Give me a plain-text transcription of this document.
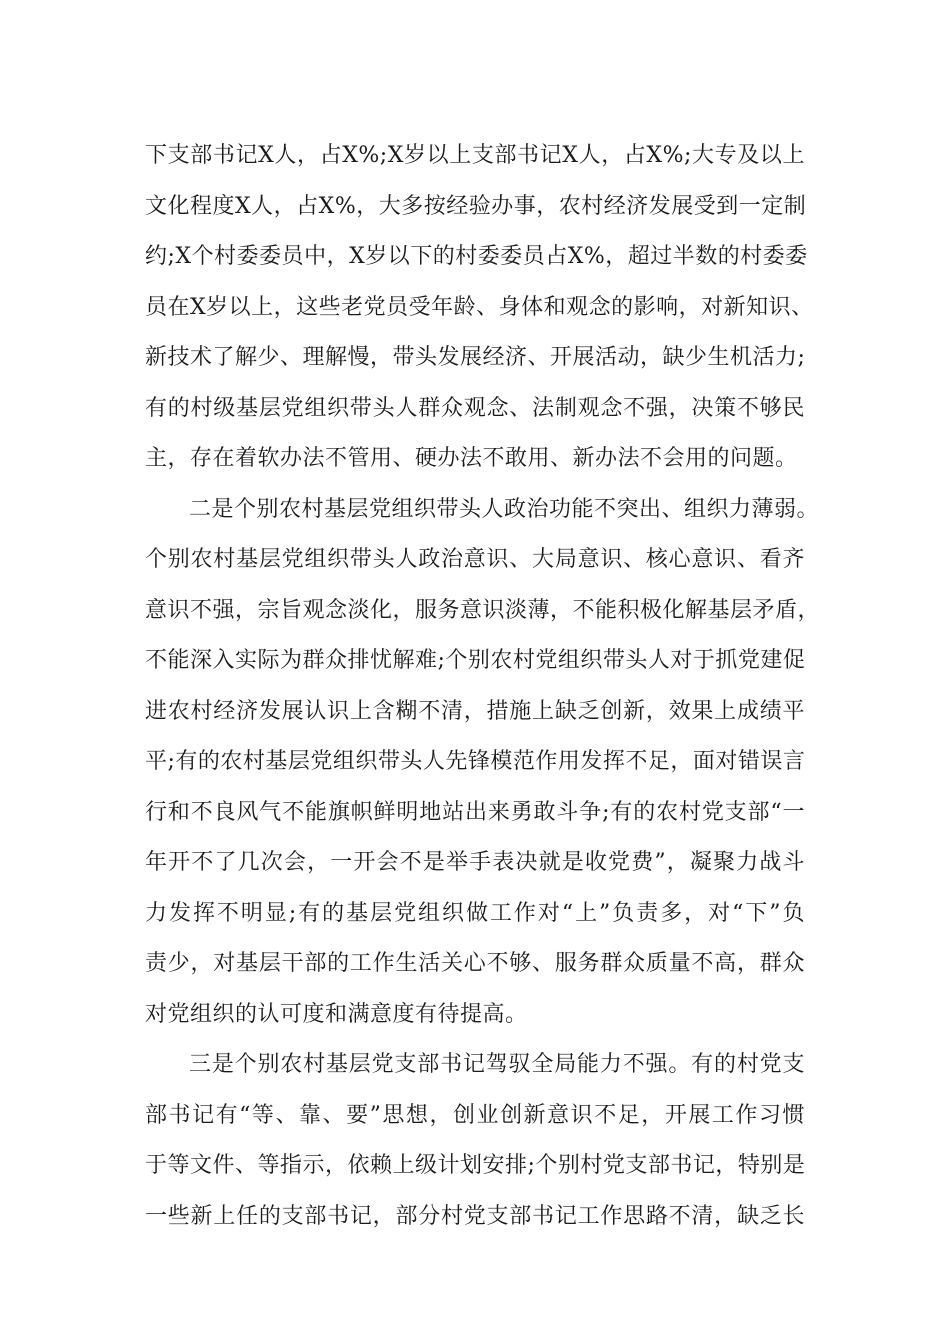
下支部书记X人，占X%;X岁以上支部书记X人，占X%;大专及以上
文化程度X人，占X%，大多按经验办事，农村经济发展受到一定制
约;X个村委委员中，X岁以下的村委委员占X%，超过半数的村委委
员在X岁以上，这些老党员受年龄、身体和观念的影响，对新知识、
新技术了解少、理解慢，带头发展经济、开展活动，缺少生机活力;
有的村级基层党组织带头人群众观念、法制观念不强，决策不够民
主，存在着软办法不管用、硬办法不敢用、新办法不会用的问题。
二是个别农村基层党组织带头人政治功能不突出、组织力薄弱。
个别农村基层党组织带头人政治意识、大局意识、核心意识、看齐
意识不强，宗旨观念淡化，服务意识淡薄，不能积极化解基层矛盾，
不能深入实际为群众排忧解难;个别农村党组织带头人对于抓党建促
进农村经济发展认识上含糊不清，措施上缺乏创新，效果上成绩平
平;有的农村基层党组织带头人先锋模范作用发挥不足，面对错误言
行和不良风气不能旗帜鲜明地站出来勇敢斗争;有的农村党支部“一
年开不了几次会，一开会不是举手表决就是收党费”，凝聚力战斗
力发挥不明显;有的基层党组织做工作对“上”负责多，对“下”负
责少，对基层干部的工作生活关心不够、服务群众质量不高，群众
对党组织的认可度和满意度有待提高。
三是个别农村基层党支部书记驾驭全局能力不强。有的村党支
部书记有“等、靠、要”思想，创业创新意识不足，开展工作习惯
于等文件、等指示，依赖上级计划安排;个别村党支部书记，特别是
一些新上任的支部书记，部分村党支部书记工作思路不清，缺乏长
